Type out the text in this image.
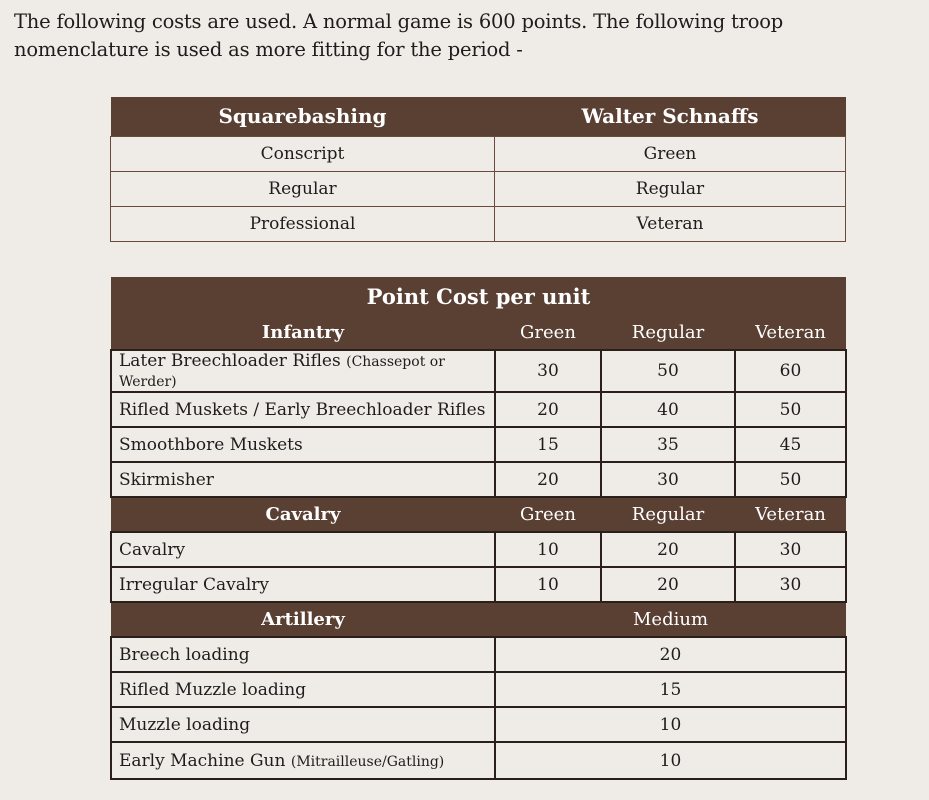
The following costs are used. A normal game is 600 points. The following troop nomenclature is used as more fitting for the period -

Squarebashing	Walter Schnaffs
Conscript	Green
Regular	Regular
Professional	Veteran
Point Cost per unit			
Infantry	Green	Regular	Veteran
Later Breechloader Rifles (Chassepot or Werder)	30	50	60
Rifled Muskets / Early Breechloader Rifles	20	40	50
Smoothbore Muskets	15	35	45
Skirmisher	20	30	50
Cavalry	Green	Regular	Veteran
Cavalry	10	20	30
Irregular Cavalry	10	20	30
Artillery	Medium		
Breech loading	20		
Rifled Muzzle loading	15		
Muzzle loading	10		
Early Machine Gun (Mitrailleuse/Gatling)	10		
